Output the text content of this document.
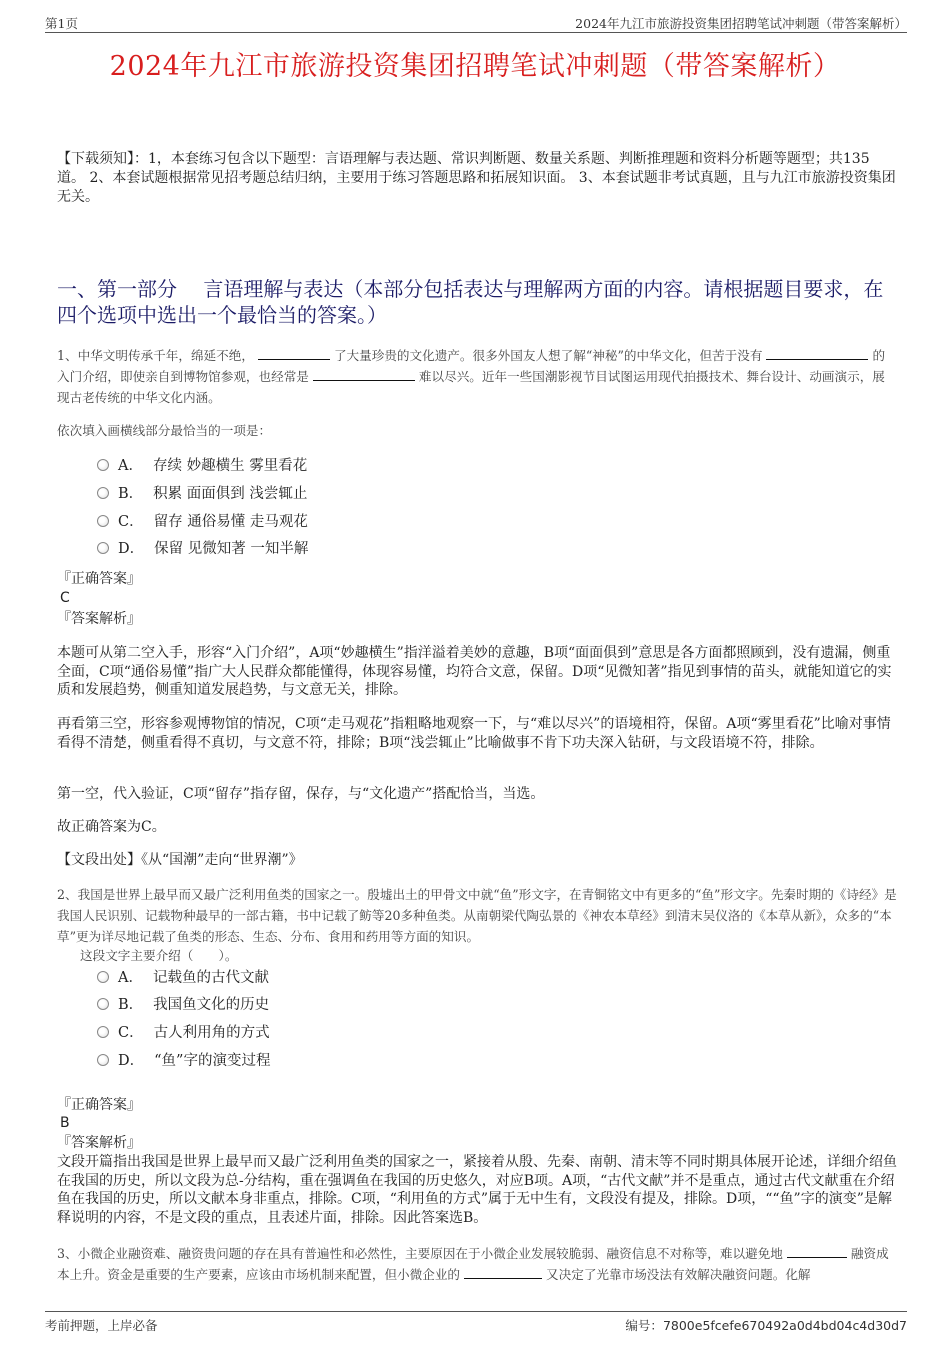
第1页	2024年九江市旅游投资集团招聘笔试冲刺题（带答案解析）
2024年九江市旅游投资集团招聘笔试冲刺题（带答案解析）
【下载须知】：1，本套练习包含以下题型：言语理解与表达题、常识判断题、数量关系题、判断推理题和资料分析题等题型；共135道。 2、本套试题根据常见招考题总结归纳，主要用于练习答题思路和拓展知识面。 3、本套试题非考试真题，且与九江市旅游投资集团无关。
一、第一部分　 言语理解与表达（本部分包括表达与理解两方面的内容。请根据题目要求，在四个选项中选出一个最恰当的答案。）
1、中华文明传承千年，绵延不绝，	了大量珍贵的文化遗产。很多外国友人想了解“神秘”的中华文化，但苦于没有	的入门介绍，即使亲自到博物馆参观，也经常是	难以尽兴。近年一些国潮影视节目试图运用现代拍摄技术、舞台设计、动画演示，展现古老传统的中华文化内涵。
依次填入画横线部分最恰当的一项是：
A． 存续 妙趣横生 雾里看花
B． 积累 面面俱到 浅尝辄止
C． 留存 通俗易懂 走马观花
D． 保留 见微知著 一知半解
『正确答案』
C
『答案解析』
本题可从第二空入手，形容“入门介绍”，A项“妙趣横生”指洋溢着美妙的意趣，B项“面面俱到”意思是各方面都照顾到，没有遗漏，侧重全面，C项“通俗易懂”指广大人民群众都能懂得，体现容易懂，均符合文意，保留。D项“见微知著”指见到事情的苗头，就能知道它的实质和发展趋势，侧重知道发展趋势，与文意无关，排除。
再看第三空，形容参观博物馆的情况，C项“走马观花”指粗略地观察一下，与“难以尽兴”的语境相符，保留。A项“雾里看花”比喻对事情看得不清楚，侧重看得不真切，与文意不符，排除；B项“浅尝辄止”比喻做事不肯下功夫深入钻研，与文段语境不符，排除。
第一空，代入验证，C项“留存”指存留，保存，与“文化遗产”搭配恰当，当选。
故正确答案为C。
【文段出处】《从“国潮”走向“世界潮”》
2、我国是世界上最早而又最广泛利用鱼类的国家之一。殷墟出土的甲骨文中就“鱼”形文字，在青铜铭文中有更多的“鱼”形文字。先秦时期的《诗经》是我国人民识别、记载物种最早的一部古籍，书中记载了鲂等20多种鱼类。从南朝梁代陶弘景的《神农本草经》到清末吴仪洛的《本草从新》，众多的“本草”更为详尽地记载了鱼类的形态、生态、分布、食用和药用等方面的知识。
这段文字主要介绍（　　）。
A． 记载鱼的古代文献
B． 我国鱼文化的历史
C． 古人利用角的方式
D． “鱼”字的演变过程
『正确答案』
B
『答案解析』
文段开篇指出我国是世界上最早而又最广泛利用鱼类的国家之一，紧接着从殷、先秦、南朝、清末等不同时期具体展开论述，详细介绍鱼在我国的历史，所以文段为总-分结构，重在强调鱼在我国的历史悠久，对应B项。A项，“古代文献”并不是重点，通过古代文献重在介绍鱼在我国的历史，所以文献本身非重点，排除。C项，“利用鱼的方式”属于无中生有，文段没有提及，排除。D项，““鱼”字的演变”是解释说明的内容，不是文段的重点，且表述片面，排除。因此答案选B。
3、小微企业融资难、融资贵问题的存在具有普遍性和必然性，主要原因在于小微企业发展较脆弱、融资信息不对称等，难以避免地	融资成本上升。资金是重要的生产要素，应该由市场机制来配置，但小微企业的	又决定了光靠市场没法有效解决融资问题。化解
考前押题，上岸必备	编号：7800e5fcefe670492a0d4bd04c4d30d7
